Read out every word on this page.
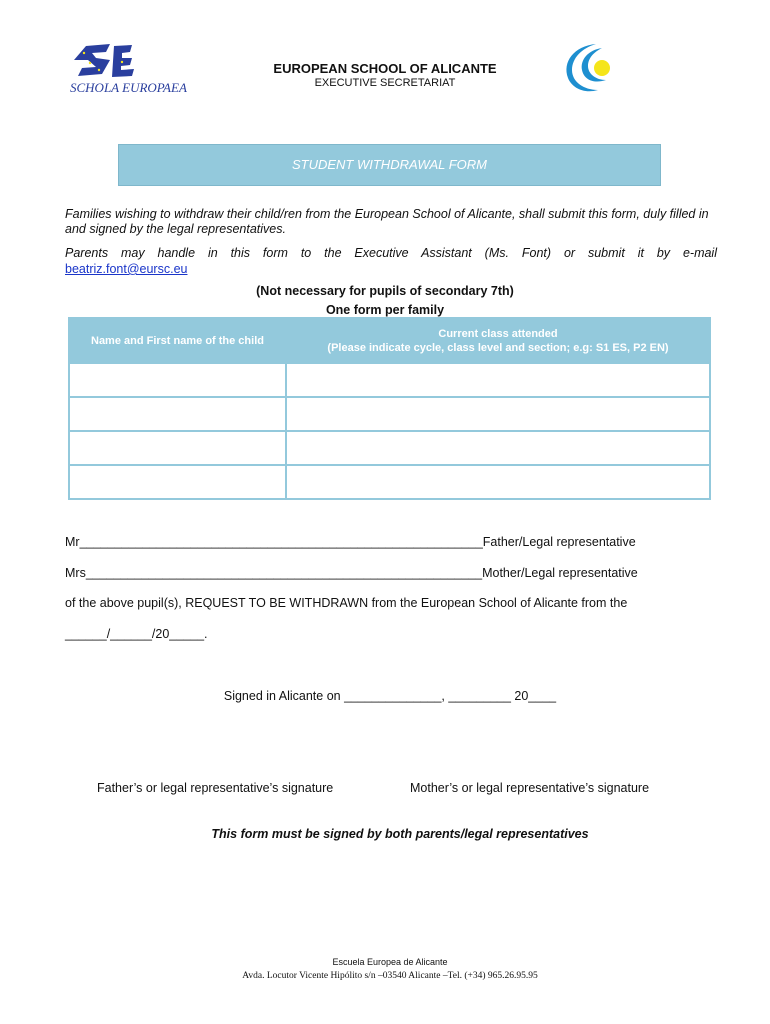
SCHOLA EUROPAEA
EUROPEAN SCHOOL OF ALICANTE
EXECUTIVE SECRETARIAT
STUDENT WITHDRAWAL FORM
Families wishing to withdraw their child/ren from the European School of Alicante, shall submit this form, duly filled in and signed by the legal representatives.
Parents may handle in this form to the Executive Assistant (Ms. Font) or submit it by e-mail
beatriz.font@eursc.eu
(Not necessary for pupils of secondary 7th)
One form per family
Name and First name of the child	Current class attended
(Please indicate cycle, class level and section; e.g: S1 ES, P2 EN)

Mr__________________________________________________________Father/Legal representative
Mrs_________________________________________________________Mother/Legal representative
of the above pupil(s), REQUEST TO BE WITHDRAWN from the European School of Alicante from the
______/______/20_____.
Signed in Alicante on ______________, _________ 20____
Father’s or legal representative’s signature	Mother’s or legal representative’s signature
This form must be signed by both parents/legal representatives
Escuela Europea de Alicante
Avda. Locutor Vicente Hipólito s/n –03540 Alicante –Tel. (+34) 965.26.95.95
